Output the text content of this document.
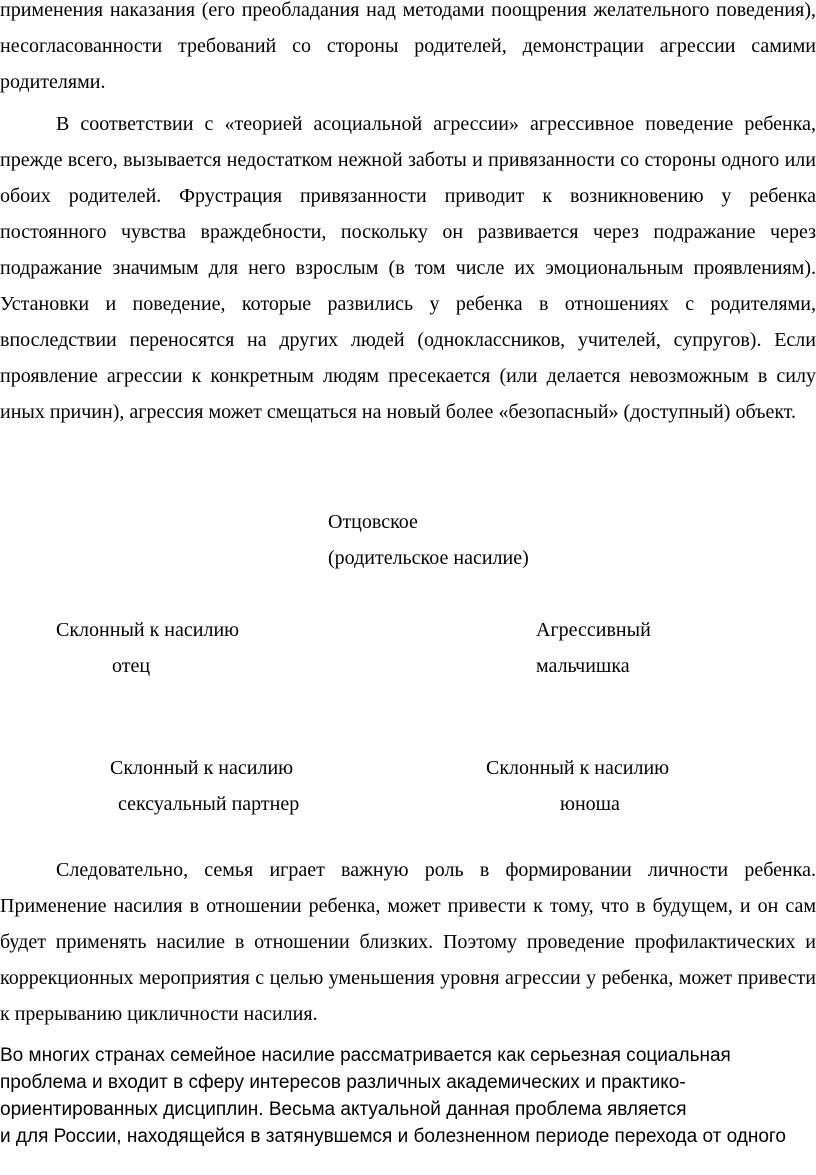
применения наказания (его преобладания над методами поощрения желательного поведения), несогласованности требований со стороны родителей, демонстрации агрессии самими родителями.

В соответствии с «теорией асоциальной агрессии» агрессивное поведение ребенка, прежде всего, вызывается недостатком нежной заботы и привязанности со стороны одного или обоих родителей. Фрустрация привязанности приводит к возникновению у ребенка постоянного чувства враждебности, поскольку он развивается через подражание через подражание значимым для него взрослым (в том числе их эмоциональным проявлениям). Установки и поведение, которые развились у ребенка в отношениях с родителями, впоследствии переносятся на других людей (одноклассников, учителей, супругов). Если проявление агрессии к конкретным людям пресекается (или делается невозможным в силу иных причин), агрессия может смещаться на новый более «безопасный» (доступный) объект.

Отцовское
(родительское насилие)
Склонный к насилию
отец
Агрессивный
мальчишка
Склонный к насилию
сексуальный партнер
Склонный к насилию
юноша

Следовательно, семья играет важную роль в формировании личности ребенка. Применение насилия в отношении ребенка, может привести к тому, что в будущем, и он сам будет применять насилие в отношении близких. Поэтому проведение профилактических и коррекционных мероприятия с целью уменьшения уровня агрессии у ребенка, может привести к прерыванию цикличности насилия.

Во многих странах семейное насилие рассматривается как серьезная социальная
проблема и входит в сферу интересов различных академических и практико-
ориентированных дисциплин. Весьма актуальной данная проблема является
и для России, находящейся в затянувшемся и болезненном периоде перехода от одного
